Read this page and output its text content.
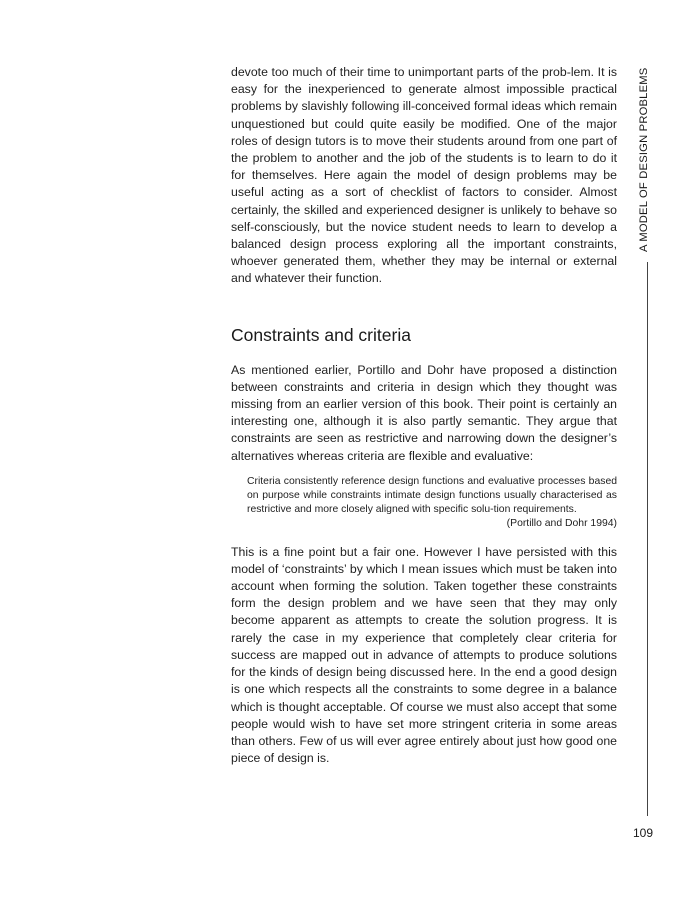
devote too much of their time to unimportant parts of the prob-lem. It is easy for the inexperienced to generate almost impossible practical problems by slavishly following ill-conceived formal ideas which remain unquestioned but could quite easily be modified. One of the major roles of design tutors is to move their students around from one part of the problem to another and the job of the students is to learn to do it for themselves. Here again the model of design problems may be useful acting as a sort of checklist of factors to consider. Almost certainly, the skilled and experienced designer is unlikely to behave so self-consciously, but the novice student needs to learn to develop a balanced design process exploring all the important constraints, whoever generated them, whether they may be internal or external and whatever their function.

Constraints and criteria

As mentioned earlier, Portillo and Dohr have proposed a distinction between constraints and criteria in design which they thought was missing from an earlier version of this book. Their point is certainly an interesting one, although it is also partly semantic. They argue that constraints are seen as restrictive and narrowing down the designer’s alternatives whereas criteria are flexible and evaluative:

Criteria consistently reference design functions and evaluative processes based on purpose while constraints intimate design functions usually characterised as restrictive and more closely aligned with specific solu-tion requirements.

(Portillo and Dohr 1994)

This is a fine point but a fair one. However I have persisted with this model of ‘constraints’ by which I mean issues which must be taken into account when forming the solution. Taken together these constraints form the design problem and we have seen that they may only become apparent as attempts to create the solution progress. It is rarely the case in my experience that completely clear criteria for success are mapped out in advance of attempts to produce solutions for the kinds of design being discussed here. In the end a good design is one which respects all the constraints to some degree in a balance which is thought acceptable. Of course we must also accept that some people would wish to have set more stringent criteria in some areas than others. Few of us will ever agree entirely about just how good one piece of design is.

A MODEL OF DESIGN PROBLEMS
109
